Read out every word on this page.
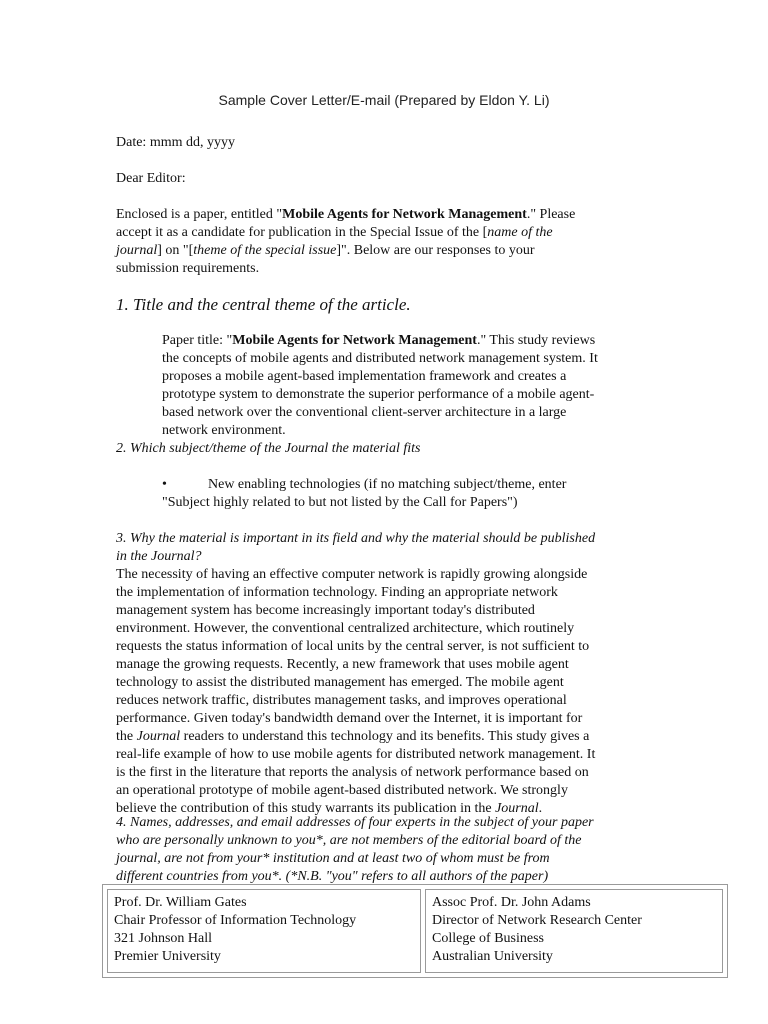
Sample Cover Letter/E-mail (Prepared by Eldon Y. Li)
Date: mmm dd, yyyy
Dear Editor:
Enclosed is a paper, entitled "Mobile Agents for Network Management." Please
accept it as a candidate for publication in the Special Issue of the [name of the
journal] on "[theme of the special issue]". Below are our responses to your
submission requirements.
1. Title and the central theme of the article.
Paper title: "Mobile Agents for Network Management." This study reviews
the concepts of mobile agents and distributed network management system. It
proposes a mobile agent-based implementation framework and creates a
prototype system to demonstrate the superior performance of a mobile agent-
based network over the conventional client-server architecture in a large
network environment.
2. Which subject/theme of the Journal the material fits
•	New enabling technologies (if no matching subject/theme, enter
"Subject highly related to but not listed by the Call for Papers")
3. Why the material is important in its field and why the material should be published
in the Journal?
The necessity of having an effective computer network is rapidly growing alongside
the implementation of information technology. Finding an appropriate network
management system has become increasingly important today's distributed
environment. However, the conventional centralized architecture, which routinely
requests the status information of local units by the central server, is not sufficient to
manage the growing requests. Recently, a new framework that uses mobile agent
technology to assist the distributed management has emerged. The mobile agent
reduces network traffic, distributes management tasks, and improves operational
performance. Given today's bandwidth demand over the Internet, it is important for
the Journal readers to understand this technology and its benefits. This study gives a
real-life example of how to use mobile agents for distributed network management. It
is the first in the literature that reports the analysis of network performance based on
an operational prototype of mobile agent-based distributed network. We strongly
believe the contribution of this study warrants its publication in the Journal.
4. Names, addresses, and email addresses of four experts in the subject of your paper
who are personally unknown to you*, are not members of the editorial board of the
journal, are not from your* institution and at least two of whom must be from
different countries from you*. (*N.B. "you" refers to all authors of the paper)
Prof. Dr. William Gates
Chair Professor of Information Technology
321 Johnson Hall
Premier University

Assoc Prof. Dr. John Adams
Director of Network Research Center
College of Business
Australian University
